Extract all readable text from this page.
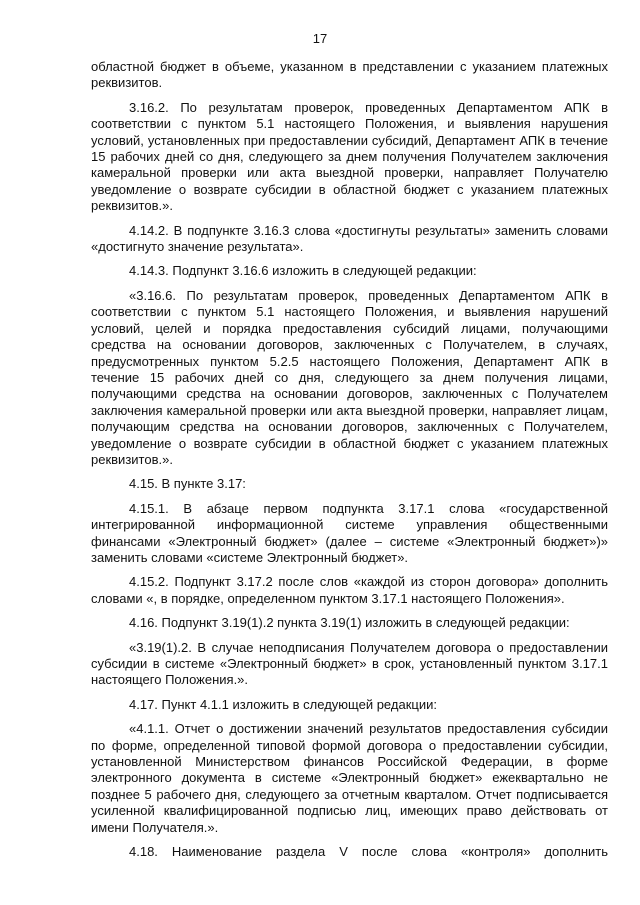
17

областной бюджет в объеме, указанном в представлении с указанием платежных реквизитов.

3.16.2. По результатам проверок, проведенных Департаментом АПК в соответствии с пунктом 5.1 настоящего Положения, и выявления нарушения условий, установленных при предоставлении субсидий, Департамент АПК в течение 15 рабочих дней со дня, следующего за днем получения Получателем заключения камеральной проверки или акта выездной проверки, направляет Получателю уведомление о возврате субсидии в областной бюджет с указанием платежных реквизитов.».

4.14.2. В подпункте 3.16.3 слова «достигнуты результаты» заменить словами «достигнуто значение результата».

4.14.3. Подпункт 3.16.6 изложить в следующей редакции:

«3.16.6. По результатам проверок, проведенных Департаментом АПК в соответствии с пунктом 5.1 настоящего Положения, и выявления нарушений условий, целей и порядка предоставления субсидий лицами, получающими средства на основании договоров, заключенных с Получателем, в случаях, предусмотренных пунктом 5.2.5 настоящего Положения, Департамент АПК в течение 15 рабочих дней со дня, следующего за днем получения лицами, получающими средства на основании договоров, заключенных с Получателем заключения камеральной проверки или акта выездной проверки, направляет лицам, получающим средства на основании договоров, заключенных с Получателем, уведомление о возврате субсидии в областной бюджет с указанием платежных реквизитов.».

4.15. В пункте 3.17:

4.15.1. В абзаце первом подпункта 3.17.1 слова «государственной интегрированной информационной системе управления общественными финансами «Электронный бюджет» (далее – системе «Электронный бюджет»)» заменить словами «системе Электронный бюджет».

4.15.2. Подпункт 3.17.2 после слов «каждой из сторон договора» дополнить словами «, в порядке, определенном пунктом 3.17.1 настоящего Положения».

4.16. Подпункт 3.19(1).2 пункта 3.19(1) изложить в следующей редакции:

«3.19(1).2. В случае неподписания Получателем договора о предоставлении субсидии в системе «Электронный бюджет» в срок, установленный пунктом 3.17.1 настоящего Положения.».

4.17. Пункт 4.1.1 изложить в следующей редакции:

«4.1.1. Отчет о достижении значений результатов предоставления субсидии по форме, определенной типовой формой договора о предоставлении субсидии, установленной Министерством финансов Российской Федерации, в форме электронного документа в системе «Электронный бюджет» ежеквартально не позднее 5 рабочего дня, следующего за отчетным кварталом. Отчет подписывается усиленной квалифицированной подписью лиц, имеющих право действовать от имени Получателя.».

4.18. Наименование раздела V после слова «контроля» дополнить
